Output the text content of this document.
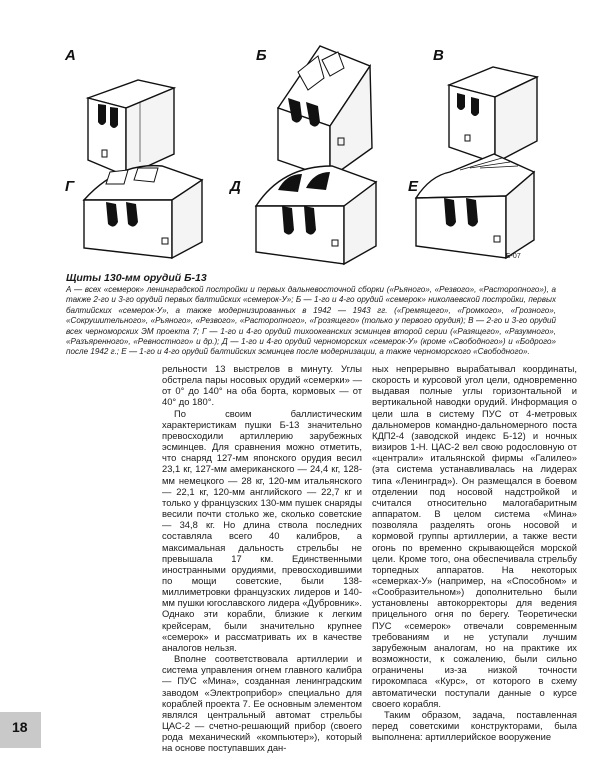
А	Б	В
Г	Д	Е
Б-07

Щиты 130-мм орудий Б-13

А — всех «семерок» ленинградской постройки и первых дальневосточной сборки («Рьяного», «Резвого», «Расторопного»), а также 2-го и 3-го орудий первых балтийских «семерок-У»; Б — 1-го и 4-го орудий «семерок» николаевской постройки, первых балтийских «семерок-У», а также модернизированных в 1942 — 1943 гг. («Гремящего», «Громкого», «Грозного», «Сокрушительного», «Рьяного», «Резвого», «Расторопного», «Грозящего» (только у первого орудия); В — 2-го и 3-го орудий всех черноморских ЭМ проекта 7; Г — 1-го и 4-го орудий тихоокеанских эсминцев второй серии («Разящего», «Разумного», «Разъяренного», «Ревностного» и др.); Д — 1-го и 4-го орудий черноморских «семерок-У» (кроме «Свободного») и «Бодрого» после 1942 г.; Е — 1-го и 4-го орудий балтийских эсминцев после модернизации, а также черноморского «Свободного».

рельности 13 выстрелов в минуту. Углы обстрела пары носовых орудий «семерки» — от 0° до 140° на оба борта, кормовых — от 40° до 180°.

По своим баллистическим характеристикам пушки Б-13 значительно превосходили артиллерию зарубежных эсминцев. Для сравнения можно отметить, что снаряд 127-мм японского орудия весил 23,1 кг, 127-мм американского — 24,4 кг, 128-мм немецкого — 28 кг, 120-мм итальянского — 22,1 кг, 120-мм английского — 22,7 кг и только у французских 130-мм пушек снаряды весили почти столько же, сколько советские — 34,8 кг. Но длина ствола последних составляла всего 40 калибров, а максимальная дальность стрельбы не превышала 17 км. Единственными иностранными орудиями, превосходившими по мощи советские, были 138-миллиметровки французских лидеров и 140-мм пушки югославского лидера «Дубровник». Однако эти корабли, близкие к легким крейсерам, были значительно крупнее «семерок» и рассматривать их в качестве аналогов нельзя.

Вполне соответствовала артиллерии и система управления огнем главного калибра — ПУС «Мина», созданная ленинградским заводом «Электроприбор» специально для кораблей проекта 7. Ее основным элементом являлся центральный автомат стрельбы ЦАС-2 — счетно-решающий прибор (своего рода механический «компьютер»), который на основе поступавших дан-

ных непрерывно вырабатывал координаты, скорость и курсовой угол цели, одновременно выдавая полные углы горизонтальной и вертикальной наводки орудий. Информация о цели шла в систему ПУС от 4-метровых дальномеров командно-дальномерного поста КДП2-4 (заводской индекс Б-12) и ночных визиров 1-Н. ЦАС-2 вел свою родословную от «централи» итальянской фирмы «Галилео» (эта система устанавливалась на лидерах типа «Ленинград»). Он размещался в боевом отделении под носовой надстройкой и считался относительно малогабаритным аппаратом. В целом система «Мина» позволяла разделять огонь носовой и кормовой группы артиллерии, а также вести огонь по временно скрывающейся морской цели. Кроме того, она обеспечивала стрельбу торпедных аппаратов. На некоторых «семерках-У» (например, на «Способном» и «Сообразительном») дополнительно были установлены автокорректоры для ведения прицельного огня по берегу. Теоретически ПУС «семерок» отвечали современным требованиям и не уступали лучшим зарубежным аналогам, но на практике их возможности, к сожалению, были сильно ограничены из-за низкой точности гирокомпаса «Курс», от которого в схему автоматически поступали данные о курсе своего корабля.

Таким образом, задача, поставленная перед советскими конструкторами, была выполнена: артиллерийское вооружение

18
